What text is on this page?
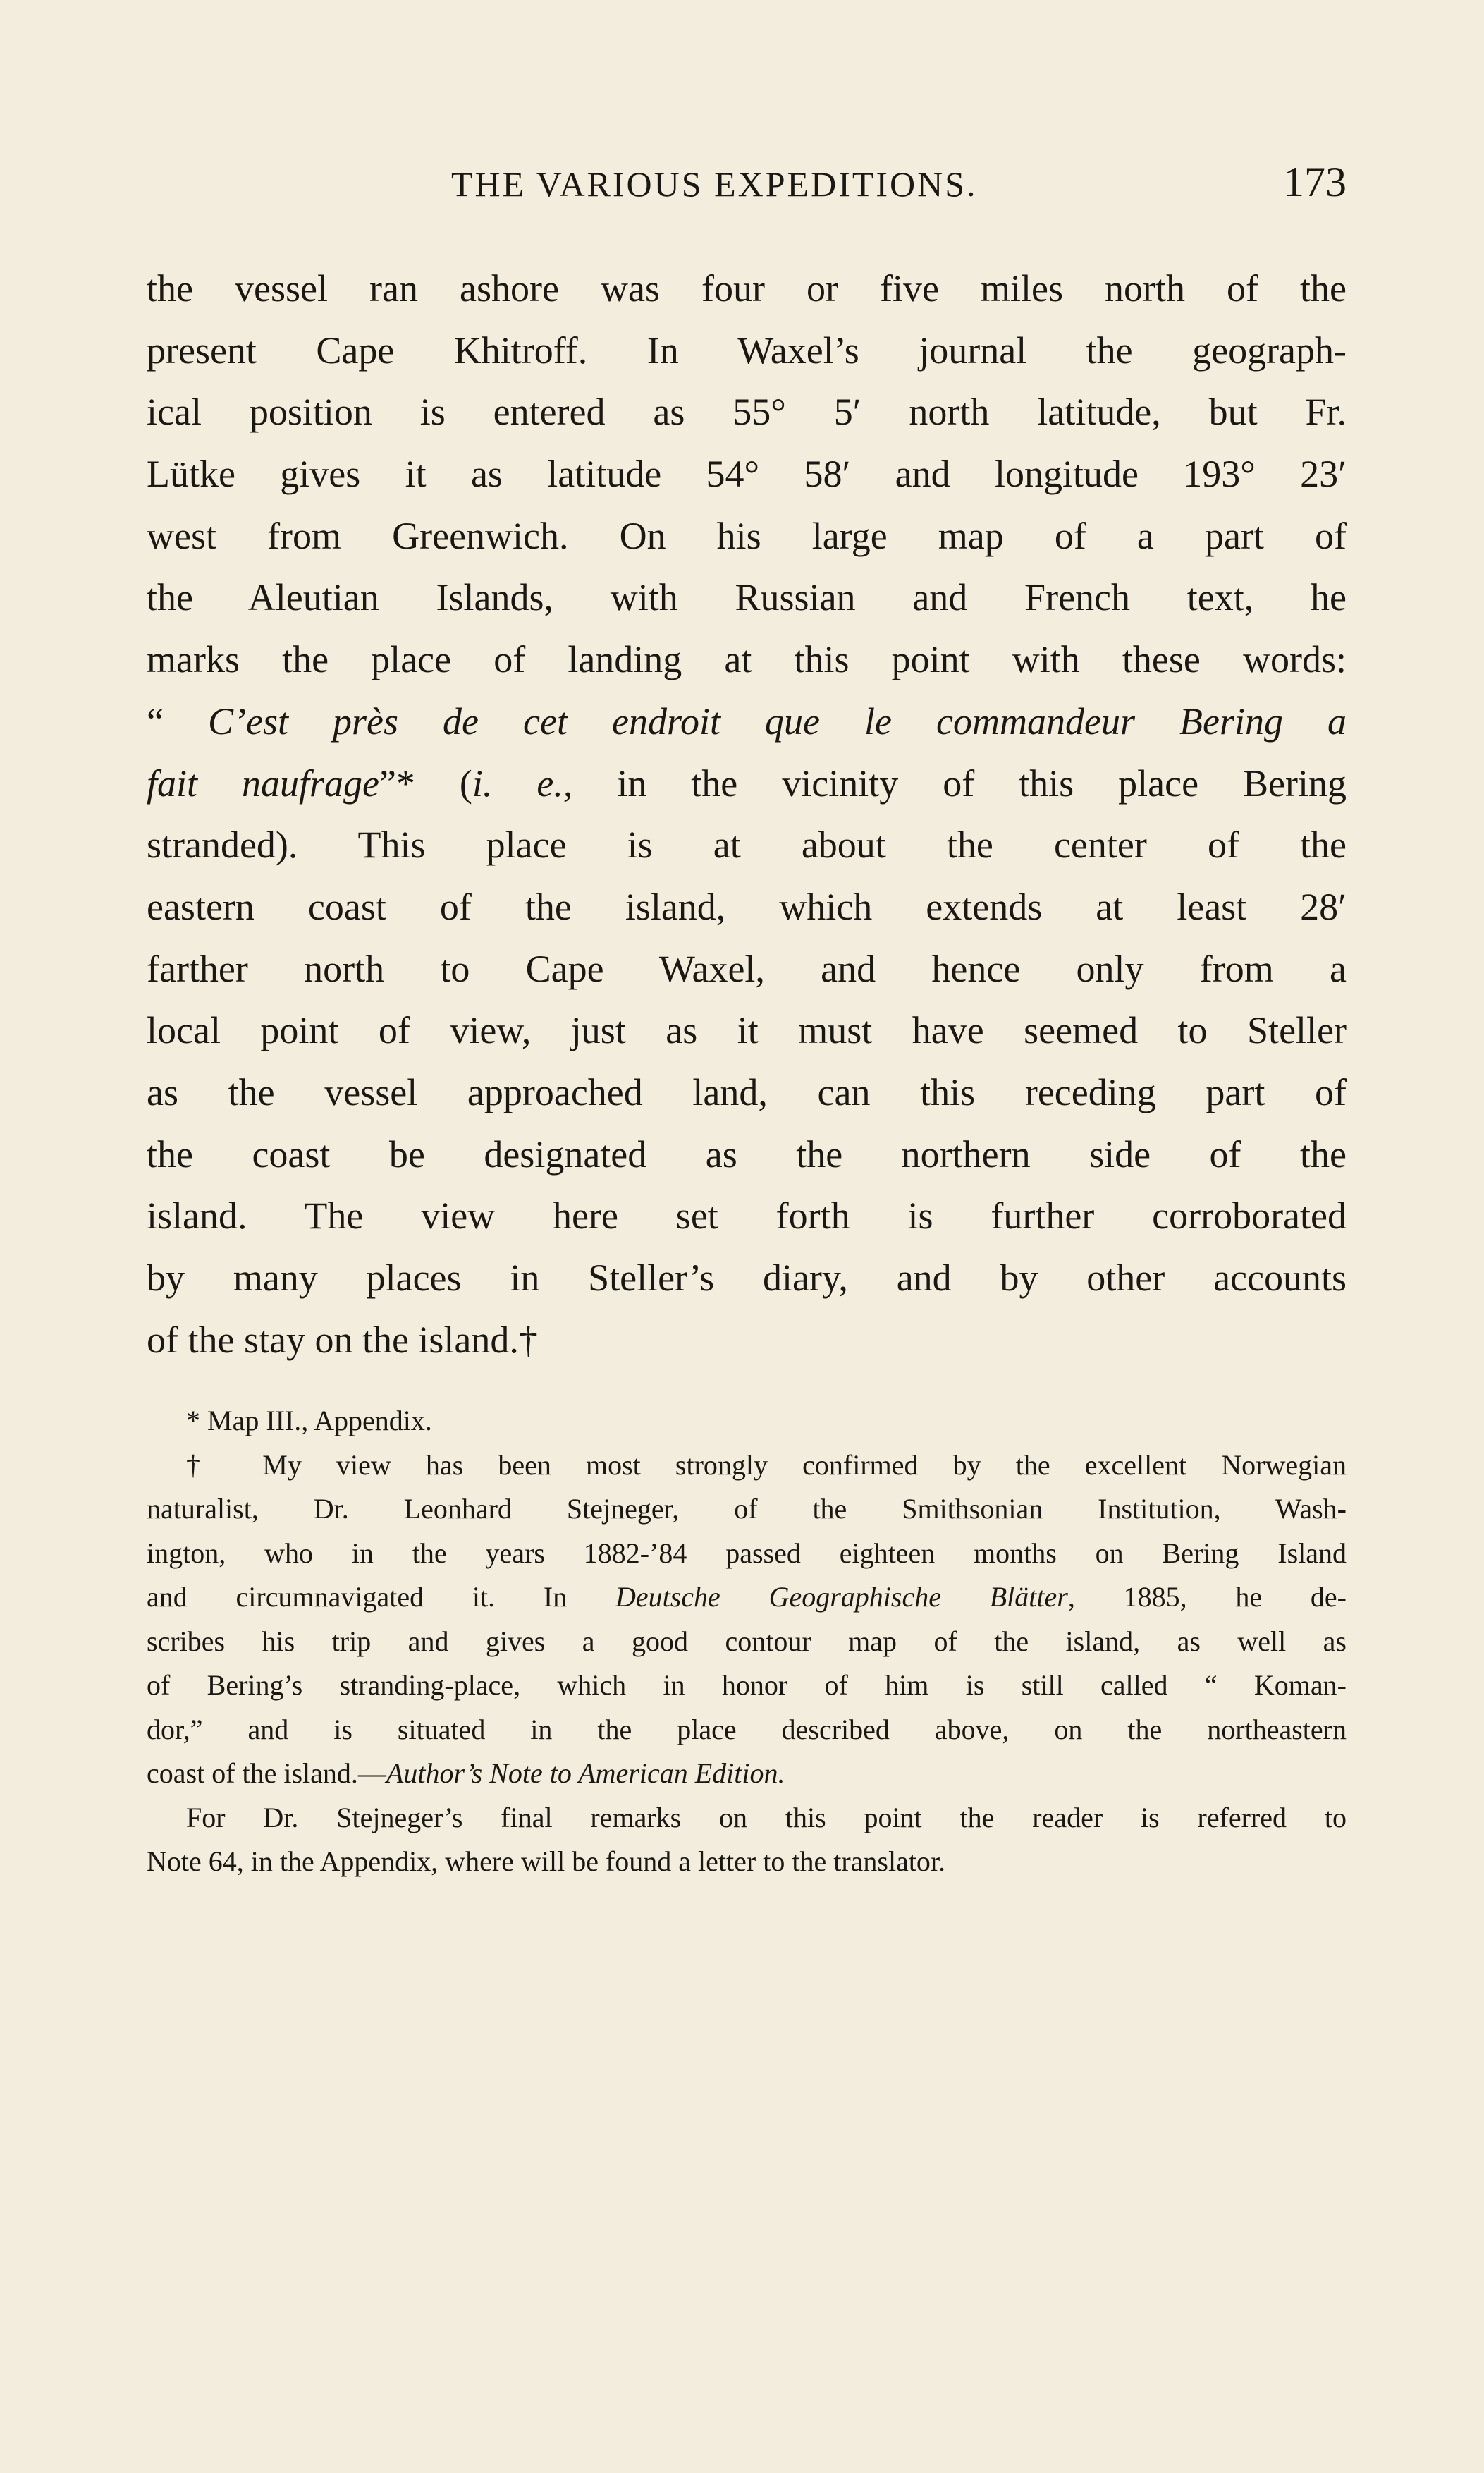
THE VARIOUS EXPEDITIONS.	173
the vessel ran ashore was four or five miles north of the
present Cape Khitroff. In Waxel’s journal the geograph-
ical position is entered as 55° 5′ north latitude, but Fr.
Lütke gives it as latitude 54° 58′ and longitude 193° 23′
west from Greenwich. On his large map of a part of
the Aleutian Islands, with Russian and French text, he
marks the place of landing at this point with these words:
“ C’est près de cet endroit que le commandeur Bering a
fait naufrage”* (i. e., in the vicinity of this place Bering
stranded). This place is at about the center of the
eastern coast of the island, which extends at least 28′
farther north to Cape Waxel, and hence only from a
local point of view, just as it must have seemed to Steller
as the vessel approached land, can this receding part of
the coast be designated as the northern side of the
island. The view here set forth is further corroborated
by many places in Steller’s diary, and by other accounts
of the stay on the island.†
* Map III., Appendix.
† My view has been most strongly confirmed by the excellent Norwegian
naturalist, Dr. Leonhard Stejneger, of the Smithsonian Institution, Wash-
ington, who in the years 1882-’84 passed eighteen months on Bering Island
and circumnavigated it. In Deutsche Geographische Blätter, 1885, he de-
scribes his trip and gives a good contour map of the island, as well as
of Bering’s stranding-place, which in honor of him is still called “ Koman-
dor,” and is situated in the place described above, on the northeastern
coast of the island.—Author’s Note to American Edition.
For Dr. Stejneger’s final remarks on this point the reader is referred to
Note 64, in the Appendix, where will be found a letter to the translator.
